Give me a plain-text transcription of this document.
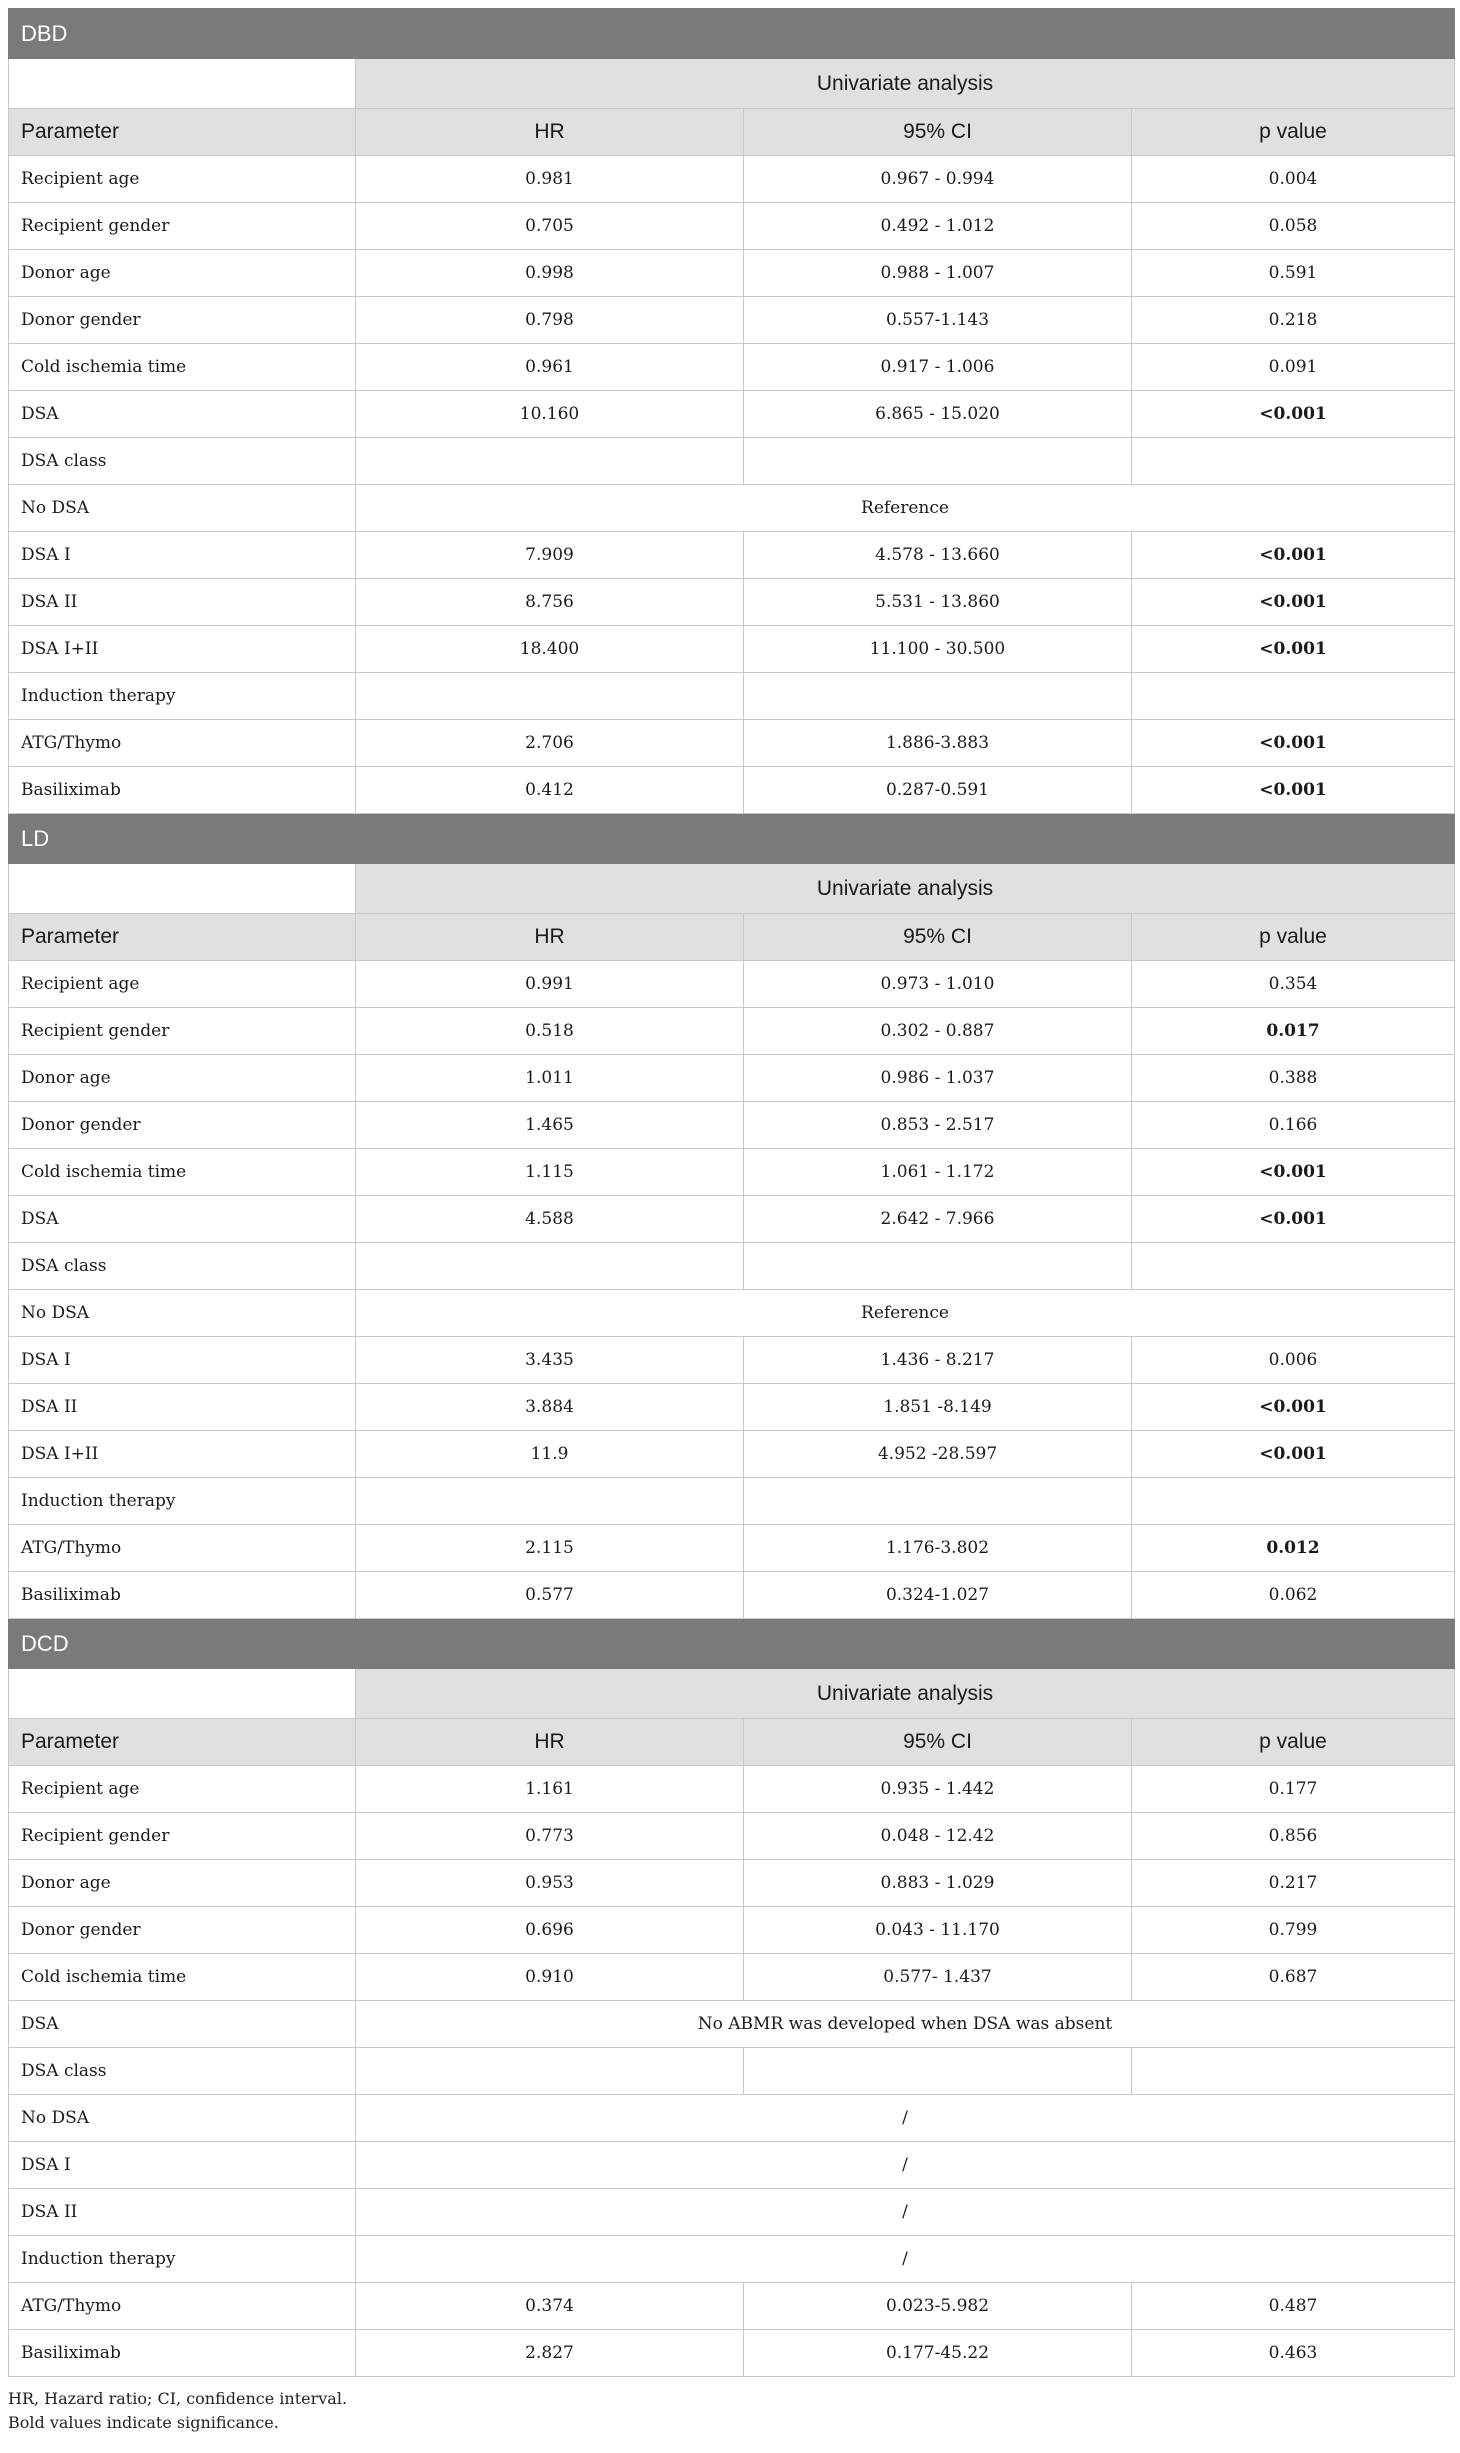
DBD			
	Univariate analysis		
Parameter	HR	95% CI	p value
Recipient age	0.981	0.967 - 0.994	0.004
Recipient gender	0.705	0.492 - 1.012	0.058
Donor age	0.998	0.988 - 1.007	0.591
Donor gender	0.798	0.557-1.143	0.218
Cold ischemia time	0.961	0.917 - 1.006	0.091
DSA	10.160	6.865 - 15.020	<0.001
DSA class			
No DSA	Reference		
DSA I	7.909	4.578 - 13.660	<0.001
DSA II	8.756	5.531 - 13.860	<0.001
DSA I+II	18.400	11.100 - 30.500	<0.001
Induction therapy			
ATG/Thymo	2.706	1.886-3.883	<0.001
Basiliximab	0.412	0.287-0.591	<0.001
LD			
	Univariate analysis		
Parameter	HR	95% CI	p value
Recipient age	0.991	0.973 - 1.010	0.354
Recipient gender	0.518	0.302 - 0.887	0.017
Donor age	1.011	0.986 - 1.037	0.388
Donor gender	1.465	0.853 - 2.517	0.166
Cold ischemia time	1.115	1.061 - 1.172	<0.001
DSA	4.588	2.642 - 7.966	<0.001
DSA class			
No DSA	Reference		
DSA I	3.435	1.436 - 8.217	0.006
DSA II	3.884	1.851 -8.149	<0.001
DSA I+II	11.9	4.952 -28.597	<0.001
Induction therapy			
ATG/Thymo	2.115	1.176-3.802	0.012
Basiliximab	0.577	0.324-1.027	0.062
DCD			
	Univariate analysis		
Parameter	HR	95% CI	p value
Recipient age	1.161	0.935 - 1.442	0.177
Recipient gender	0.773	0.048 - 12.42	0.856
Donor age	0.953	0.883 - 1.029	0.217
Donor gender	0.696	0.043 - 11.170	0.799
Cold ischemia time	0.910	0.577- 1.437	0.687
DSA	No ABMR was developed when DSA was absent		
DSA class			
No DSA	/		
DSA I	/		
DSA II	/		
Induction therapy	/		
ATG/Thymo	0.374	0.023-5.982	0.487
Basiliximab	2.827	0.177-45.22	0.463
HR, Hazard ratio; CI, confidence interval.
Bold values indicate significance.
